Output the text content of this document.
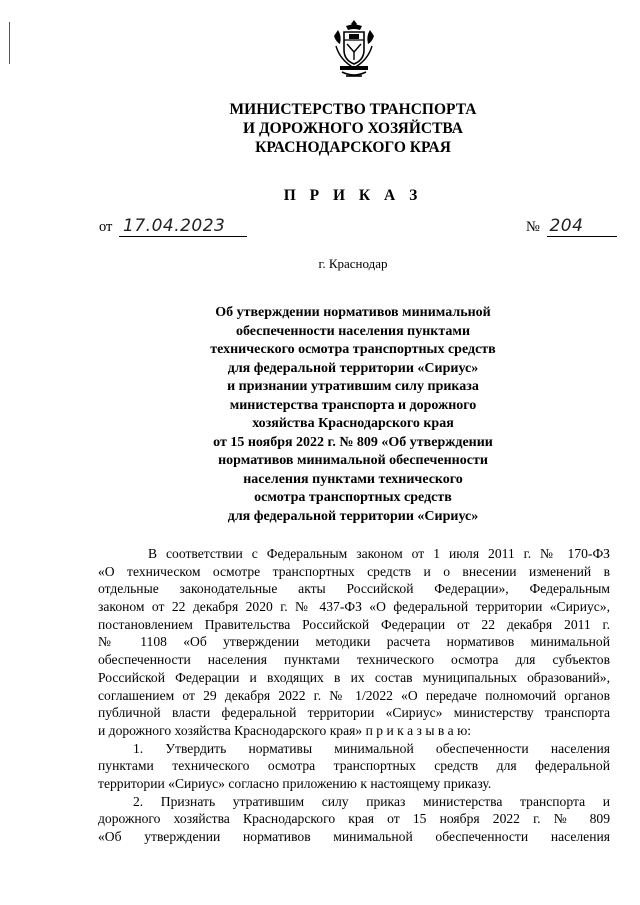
МИНИСТЕРСТВО ТРАНСПОРТА
И ДОРОЖНОГО ХОЗЯЙСТВА
КРАСНОДАРСКОГО КРАЯ
П Р И К А З
от 17.04.2023	№ 204
г. Краснодар
Об утверждении нормативов минимальной
обеспеченности населения пунктами
технического осмотра транспортных средств
для федеральной территории «Сириус»
и признании утратившим силу приказа
министерства транспорта и дорожного
хозяйства Краснодарского края
от 15 ноября 2022 г. № 809 «Об утверждении
нормативов минимальной обеспеченности
населения пунктами технического
осмотра транспортных средств
для федеральной территории «Сириус»
В соответствии с Федеральным законом от 1 июля 2011 г. № 170-ФЗ
«О техническом осмотре транспортных средств и о внесении изменений в
отдельные законодательные акты Российской Федерации», Федеральным
законом от 22 декабря 2020 г. № 437-ФЗ «О федеральной территории «Сириус»,
постановлением Правительства Российской Федерации от 22 декабря 2011 г.
№ 1108 «Об утверждении методики расчета нормативов минимальной
обеспеченности населения пунктами технического осмотра для субъектов
Российской Федерации и входящих в их состав муниципальных образований»,
соглашением от 29 декабря 2022 г. № 1/2022 «О передаче полномочий органов
публичной власти федеральной территории «Сириус» министерству транспорта
и дорожного хозяйства Краснодарского края» п р и к а з ы в а ю:
1. Утвердить нормативы минимальной обеспеченности населения
пунктами технического осмотра транспортных средств для федеральной
территории «Сириус» согласно приложению к настоящему приказу.
2. Признать утратившим силу приказ министерства транспорта и
дорожного хозяйства Краснодарского края от 15 ноября 2022 г. № 809
«Об утверждении нормативов минимальной обеспеченности населения
